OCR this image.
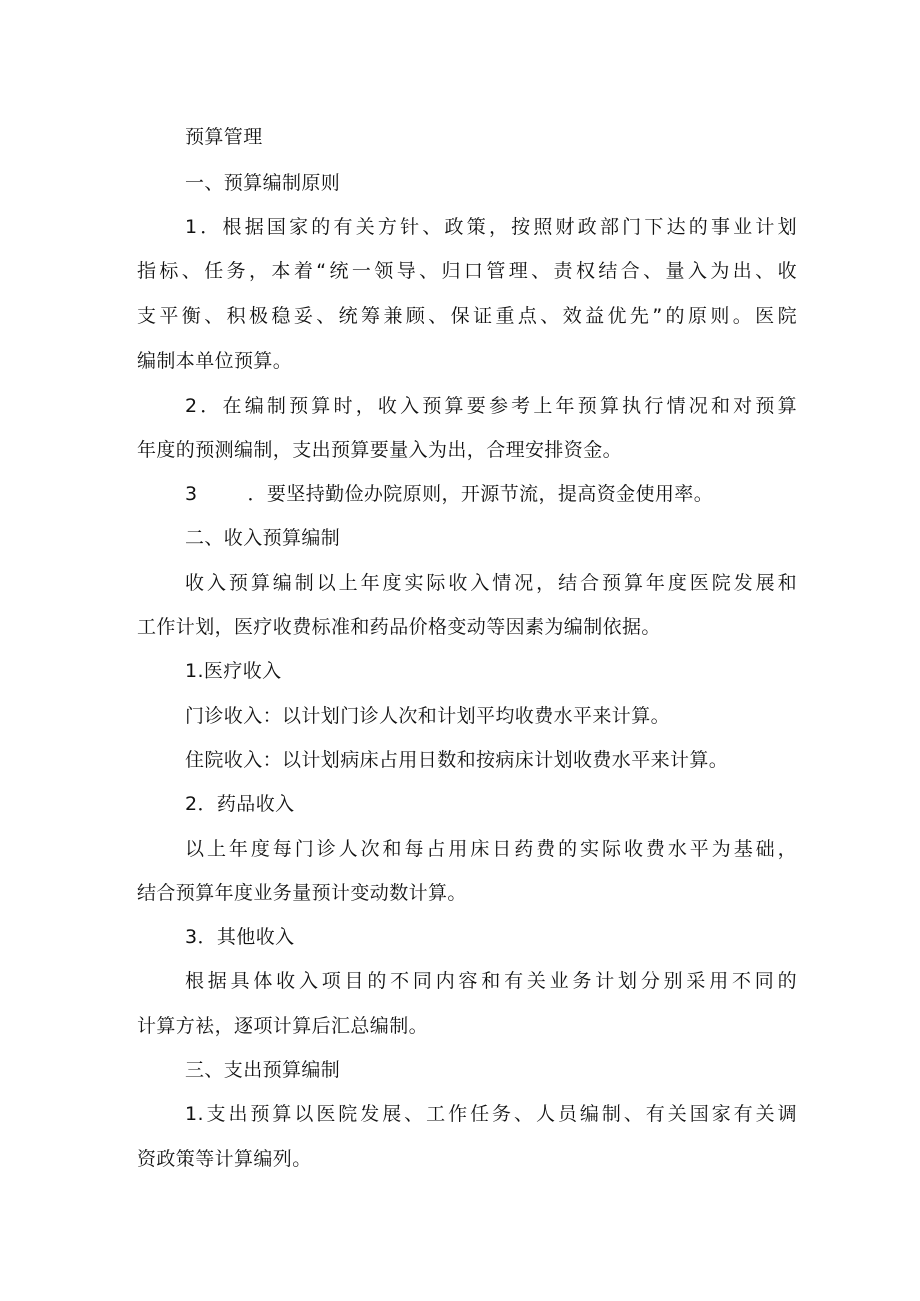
预算管理
一、预算编制原则
1．根据国家的有关方针、政策，按照财政部门下达的事业计划
指标、任务，本着“统一领导、归口管理、责权结合、量入为出、收
支平衡、积极稳妥、统筹兼顾、保证重点、效益优先”的原则。医院
编制本单位预算。
2．在编制预算时，收入预算要参考上年预算执行情况和对预算
年度的预测编制，支出预算要量入为出，合理安排资金。
3	．要坚持勤俭办院原则，开源节流，提高资金使用率。
二、收入预算编制
收入预算编制以上年度实际收入情况，结合预算年度医院发展和
工作计划，医疗收费标准和药品价格变动等因素为编制依据。
1.医疗收入
门诊收入：以计划门诊人次和计划平均收费水平来计算。
住院收入：以计划病床占用日数和按病床计划收费水平来计算。
2．药品收入
以上年度每门诊人次和每占用床日药费的实际收费水平为基础，
结合预算年度业务量预计变动数计算。
3．其他收入
根据具体收入项目的不同内容和有关业务计划分别采用不同的
计算方袪，逐项计算后汇总编制。
三、支出预算编制
1.支出预算以医院发展、工作任务、人员编制、有关国家有关调
资政策等计算编列。
